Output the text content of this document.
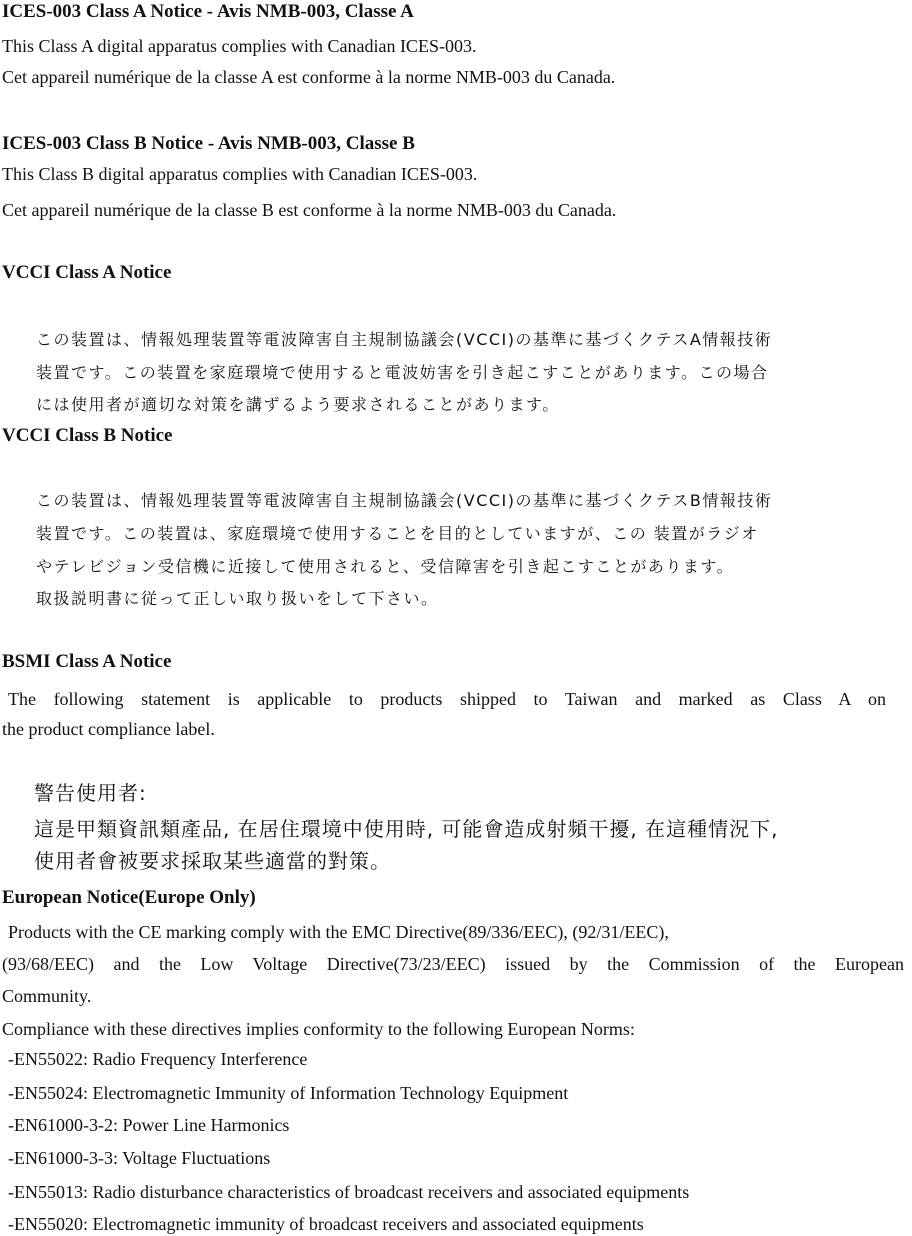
ICES-003 Class A Notice - Avis NMB-003, Classe A
This Class A digital apparatus complies with Canadian ICES-003.
Cet appareil numérique de la classe A est conforme à la norme NMB-003 du Canada.
ICES-003 Class B Notice - Avis NMB-003, Classe B
This Class B digital apparatus complies with Canadian ICES-003.
Cet appareil numérique de la classe B est conforme à la norme NMB-003 du Canada.
VCCI Class A Notice
この装置は、情報処理装置等電波障害自主規制協議会(VCCI)の基準に基づくクテスA情報技術
装置です。この装置を家庭環境で使用すると電波妨害を引き起こすことがあります。この場合
には使用者が適切な対策を講ずるよう要求されることがあります。
VCCI Class B Notice
この装置は、情報処理装置等電波障害自主規制協議会(VCCI)の基準に基づくクテスB情報技術
装置です。この装置は、家庭環境で使用することを目的としていますが、この 装置がラジオ
やテレビジョン受信機に近接して使用されると、受信障害を引き起こすことがあります。
取扱説明書に従って正しい取り扱いをして下さい。
BSMI Class A Notice
The following statement is applicable to products shipped to Taiwan and marked as Class A on
the product compliance label.
警告使用者:
這是甲類資訊類產品, 在居住環境中使用時, 可能會造成射頻干擾, 在這種情況下,
使用者會被要求採取某些適當的對策。
European Notice(Europe Only)
Products with the CE marking comply with the EMC Directive(89/336/EEC), (92/31/EEC),
(93/68/EEC) and the Low Voltage Directive(73/23/EEC) issued by the Commission of the European
Community.
Compliance with these directives implies conformity to the following European Norms:
-EN55022: Radio Frequency Interference
-EN55024: Electromagnetic Immunity of Information Technology Equipment
-EN61000-3-2: Power Line Harmonics
-EN61000-3-3: Voltage Fluctuations
-EN55013: Radio disturbance characteristics of broadcast receivers and associated equipments
-EN55020: Electromagnetic immunity of broadcast receivers and associated equipments
